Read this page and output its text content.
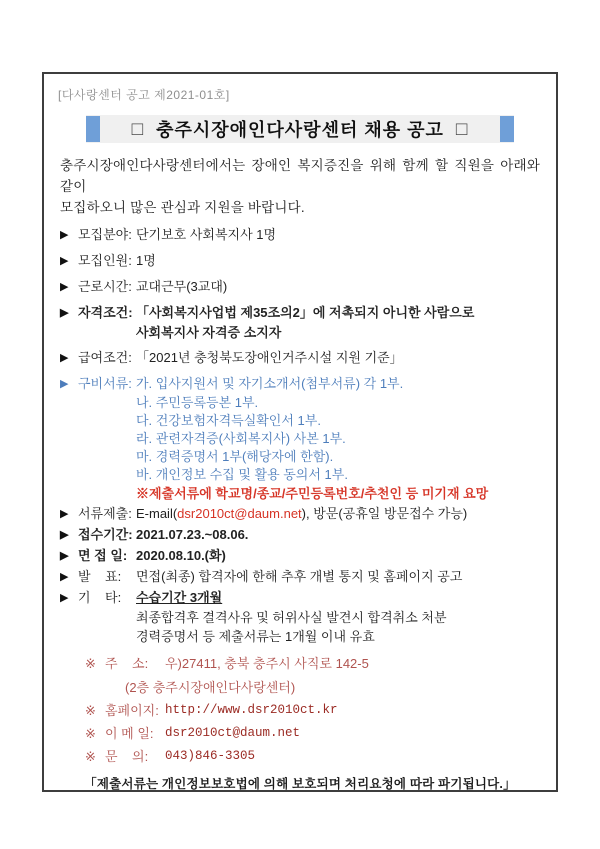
[다사랑센터 공고 제2021-01호]
□ 충주시장애인다사랑센터 채용 공고 □
충주시장애인다사랑센터에서는 장애인 복지증진을 위해 함께 할 직원을 아래와 같이
모집하오니 많은 관심과 지원을 바랍니다.
▶ 모집분야: 단기보호 사회복지사 1명
▶ 모집인원: 1명
▶ 근로시간: 교대근무(3교대)
▶ 자격조건: 「사회복지사업법 제35조의2」에 저촉되지 아니한 사람으로
사회복지사 자격증 소지자
▶ 급여조건: 「2021년 충청북도장애인거주시설 지원 기준」
▶ 구비서류: 가. 입사지원서 및 자기소개서(첨부서류) 각 1부.
나. 주민등록등본 1부.
다. 건강보험자격득실확인서 1부.
라. 관련자격증(사회복지사) 사본 1부.
마. 경력증명서 1부(해당자에 한함).
바. 개인정보 수집 및 활용 동의서 1부.
※제출서류에 학교명/종교/주민등록번호/추천인 등 미기재 요망
▶ 서류제출: E-mail(dsr2010ct@daum.net), 방문(공휴일 방문접수 가능)
▶ 접수기간: 2021.07.23.~08.06.
▶ 면 접 일: 2020.08.10.(화)
▶ 발    표:	면접(최종) 합격자에 한해 추후 개별 통지 및 홈페이지 공고
▶ 기    타:	수습기간 3개월
최종합격후 결격사유 및 허위사실 발견시 합격취소 처분
경력증명서 등 제출서류는 1개월 이내 유효
※ 주    소:	우)27411, 충북 충주시 사직로 142-5
(2층 충주시장애인다사랑센터)
※ 홈페이지: http://www.dsr2010ct.kr
※ 이 메 일: dsr2010ct@daum.net
※ 문    의:	043)846-3305
「제출서류는 개인정보보호법에 의해 보호되며 처리요청에 따라 파기됩니다.」
